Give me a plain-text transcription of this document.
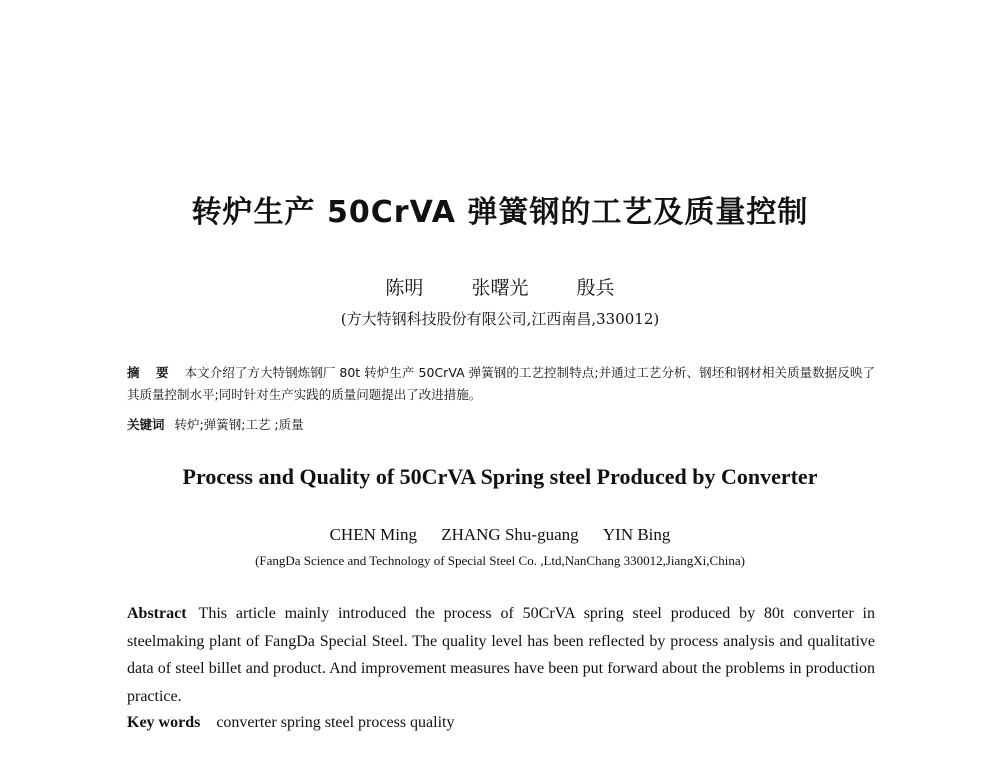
转炉生产 50CrVA 弹簧钢的工艺及质量控制
陈明	张曙光	殷兵
(方大特钢科技股份有限公司,江西南昌,330012)
摘 要 本文介绍了方大特钢炼钢厂 80t 转炉生产 50CrVA 弹簧钢的工艺控制特点;并通过工艺分析、钢坯和钢材相关质量数据反映了其质量控制水平;同时针对生产实践的质量问题提出了改进措施。
关键词 转炉;弹簧钢;工艺 ;质量
Process and Quality of 50CrVA Spring steel Produced by Converter
CHEN Ming ZHANG Shu-guang YIN Bing
(FangDa Science and Technology of Special Steel Co. ,Ltd,NanChang 330012,JiangXi,China)
Abstract This article mainly introduced the process of 50CrVA spring steel produced by 80t converter in steelmaking plant of FangDa Special Steel. The quality level has been reflected by process analysis and qualitative data of steel billet and product. And improvement measures have been put forward about the problems in production practice.
Key words converter spring steel process quality
